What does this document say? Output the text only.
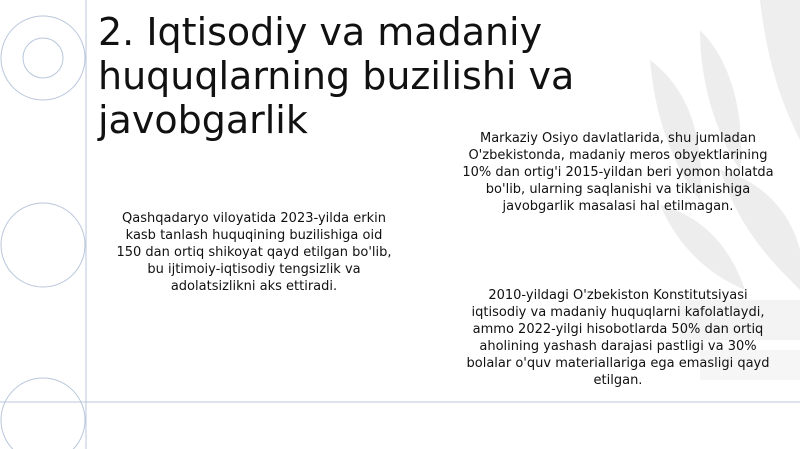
2. Iqtisodiy va madaniy
huquqlarning buzilishi va
javobgarlik
Qashqadaryo viloyatida 2023-yilda erkin
kasb tanlash huquqining buzilishiga oid
150 dan ortiq shikoyat qayd etilgan bo'lib,
bu ijtimoiy-iqtisodiy tengsizlik va
adolatsizlikni aks ettiradi.
Markaziy Osiyo davlatlarida, shu jumladan
O'zbekistonda, madaniy meros obyektlarining
10% dan ortig'i 2015-yildan beri yomon holatda
bo'lib, ularning saqlanishi va tiklanishiga
javobgarlik masalasi hal etilmagan.
2010-yildagi O'zbekiston Konstitutsiyasi
iqtisodiy va madaniy huquqlarni kafolatlaydi,
ammo 2022-yilgi hisobotlarda 50% dan ortiq
aholining yashash darajasi pastligi va 30%
bolalar o'quv materiallariga ega emasligi qayd
etilgan.
